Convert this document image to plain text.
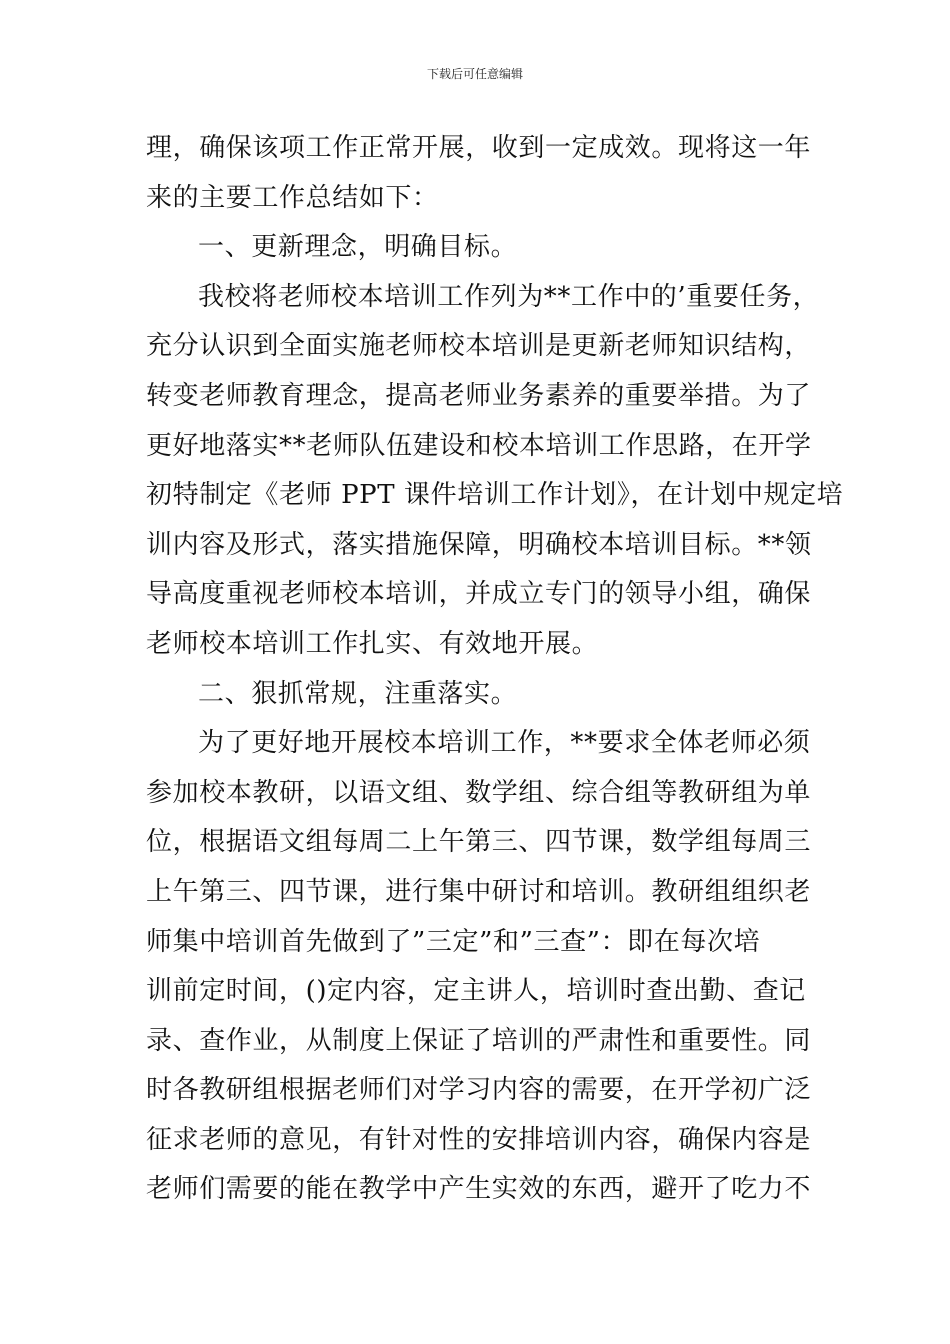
下载后可任意编辑
理，确保该项工作正常开展，收到一定成效。现将这一年
来的主要工作总结如下：
一、更新理念，明确目标。
我校将老师校本培训工作列为**工作中的’重要任务，
充分认识到全面实施老师校本培训是更新老师知识结构，
转变老师教育理念，提高老师业务素养的重要举措。为了
更好地落实**老师队伍建设和校本培训工作思路，在开学
初特制定《老师 PPT 课件培训工作计划》，在计划中规定培
训内容及形式，落实措施保障，明确校本培训目标。**领
导高度重视老师校本培训，并成立专门的领导小组，确保
老师校本培训工作扎实、有效地开展。
二、狠抓常规，注重落实。
为了更好地开展校本培训工作，**要求全体老师必须
参加校本教研，以语文组、数学组、综合组等教研组为单
位，根据语文组每周二上午第三、四节课，数学组每周三
上午第三、四节课，进行集中研讨和培训。教研组组织老
师集中培训首先做到了”三定”和”三查”：即在每次培
训前定时间，()定内容，定主讲人，培训时查出勤、查记
录、查作业，从制度上保证了培训的严肃性和重要性。同
时各教研组根据老师们对学习内容的需要，在开学初广泛
征求老师的意见，有针对性的安排培训内容，确保内容是
老师们需要的能在教学中产生实效的东西，避开了吃力不
